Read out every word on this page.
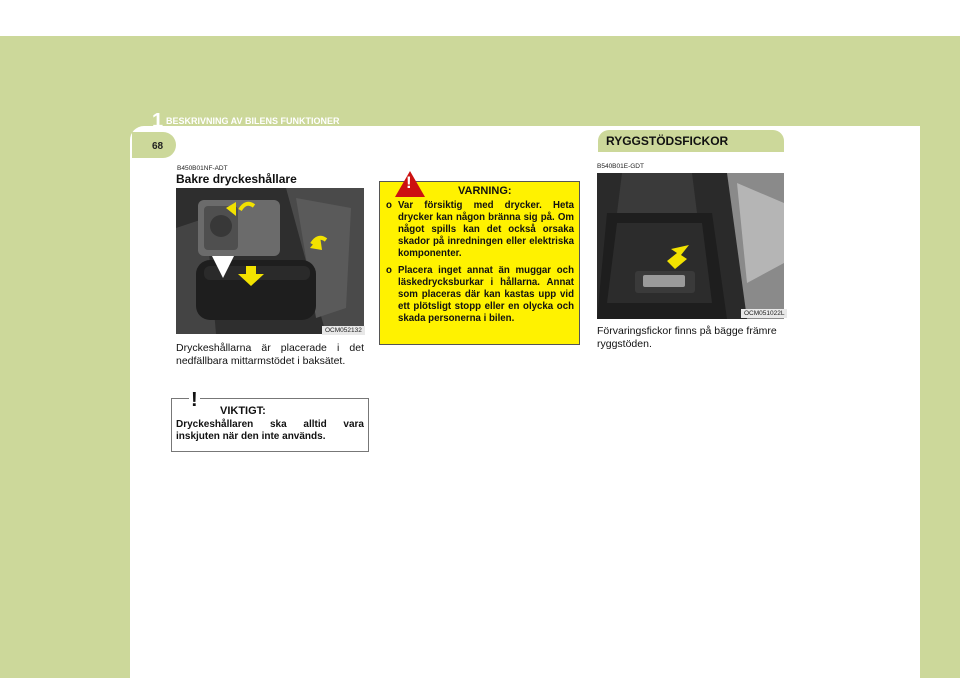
1 BESKRIVNING AV BILENS FUNKTIONER
68	RYGGSTÖDSFICKOR
B450B01NF-ADT
Bakre dryckeshållare
OCM052132
Dryckeshållarna är placerade i det nedfällbara mittarmstödet i baksätet.
! VIKTIGT:
Dryckeshållaren ska alltid vara inskjuten när den inte används.
!	VARNING:
o Var försiktig med drycker. Heta drycker kan någon bränna sig på. Om något spills kan det också orsaka skador på inredningen eller elektriska komponenter.
o Placera inget annat än muggar och läskedrycksburkar i hållarna. Annat som placeras där kan kastas upp vid ett plötsligt stopp eller en olycka och skada personerna i bilen.
B540B01E-GDT
OCM051022L
Förvaringsfickor finns på bägge främre ryggstöden.
